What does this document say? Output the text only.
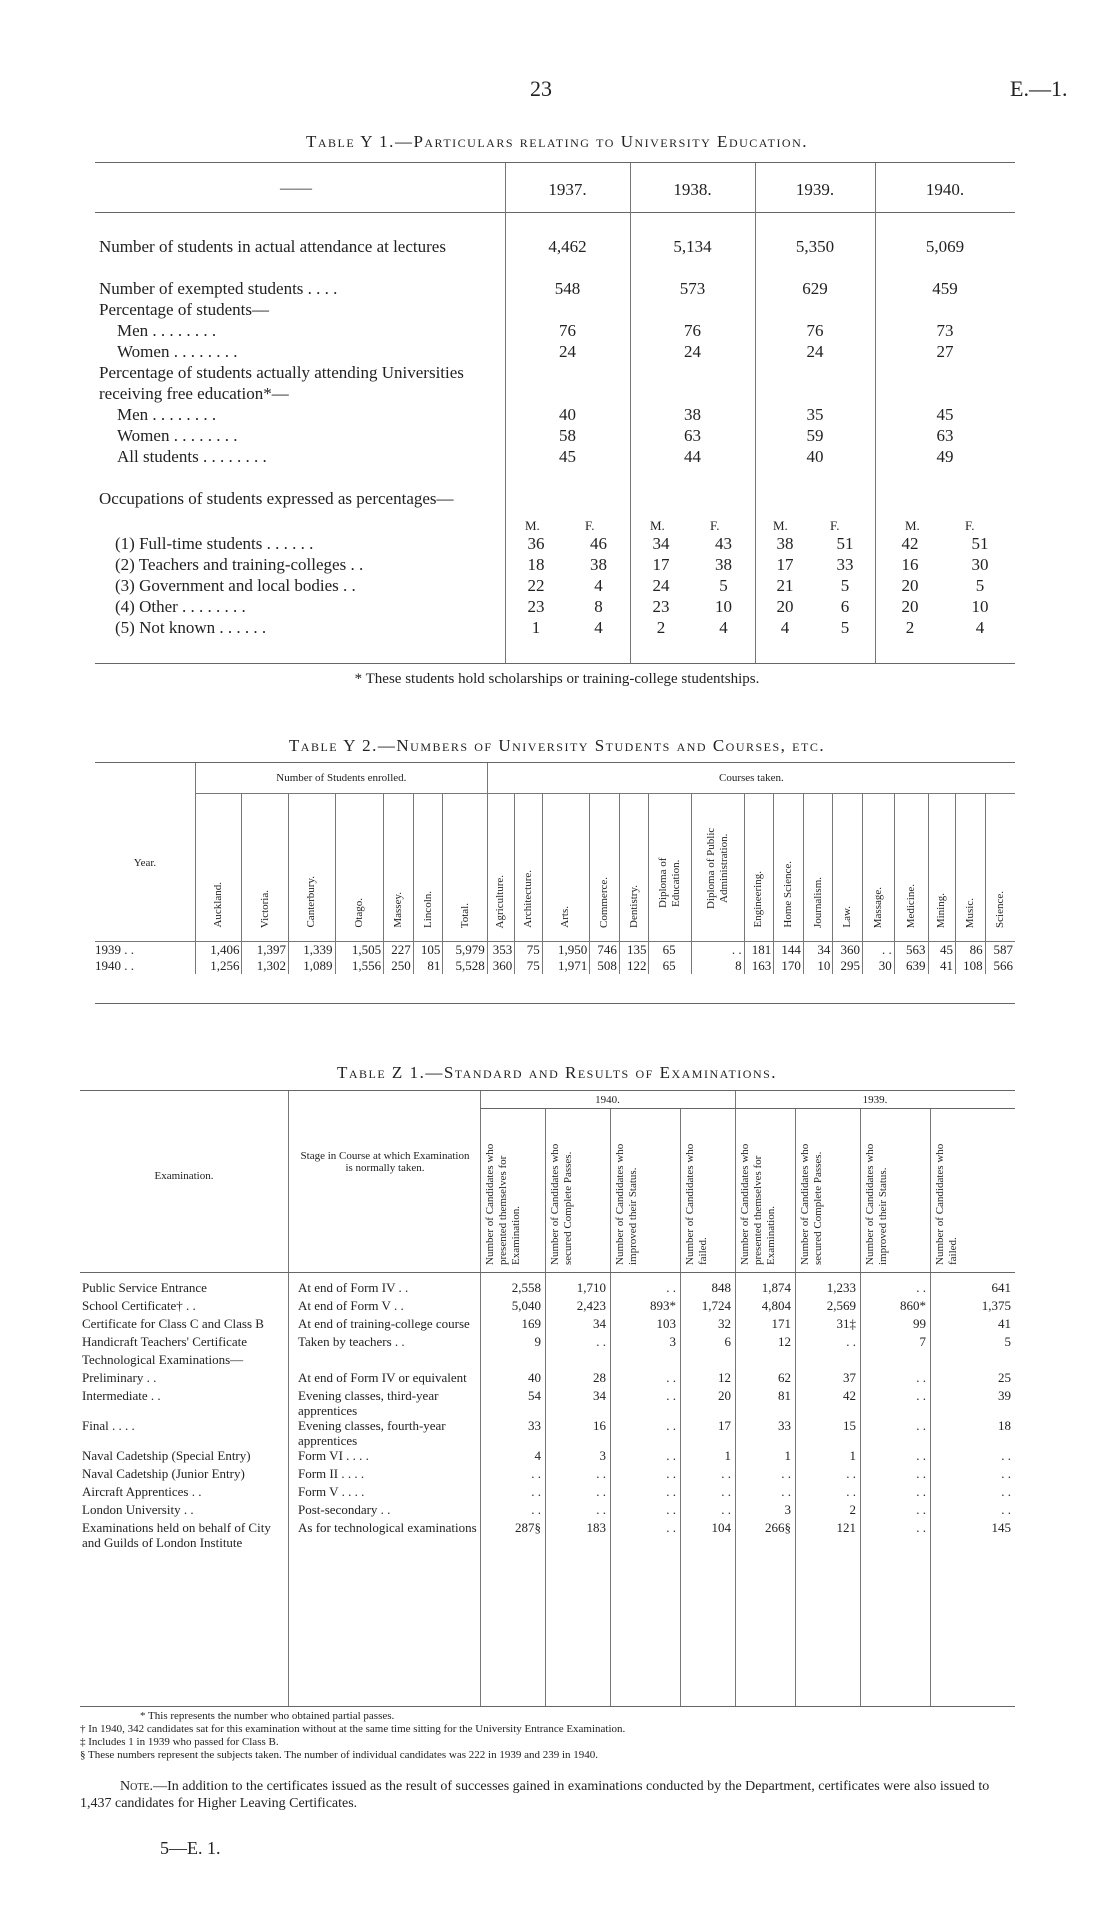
23	E.—1.
Table Y 1.—Particulars relating to University Education.
——	1937.	1938.	1939.	1940.
Number of students in actual attendance at lectures	4,462	5,134	5,350	5,069
Number of exempted students . . . .	548	573	629	459
Percentage of students—				
Men . . . . . . . .	76	76	76	73
Women . . . . . . . .	24	24	24	27
Percentage of students actually attending Universities receiving free education*—				
Men . . . . . . . .	40	38	35	45
Women . . . . . . . .	58	63	59	63
All students . . . . . . . .	45	44	40	49
Occupations of students expressed as percentages—
M.	F.	M.	F.	M.	F.	M.	F.
(1) Full-time students . . . . . .	36	46	34	43	38	51	42	51
(2) Teachers and training-colleges . .	18	38	17	38	17	33	16	30
(3) Government and local bodies . .	22	4	24	5	21	5	20	5
(4) Other . . . . . . . .	23	8	23	10	20	6	20	10
(5) Not known . . . . . .	1	4	2	4	4	5	2	4
* These students hold scholarships or training-college studentships.
Table Y 2.—Numbers of University Students and Courses, etc.
	Number of Students enrolled.							Courses taken.															
Year.	Auckland.	Victoria.	Canterbury.	Otago.	Massey.	Lincoln.	Total.	Agriculture.	Architecture.	Arts.	Commerce.	Dentistry.	Diploma of Education.	Diploma of Public Administration.	Engineering.	Home Science.	Journalism.	Law.	Massage.	Medicine.	Mining.	Music.	Science.

1939 . .	1,406	1,397	1,339	1,505	227	105	5,979	353	75	1,950	746	135	65	. .	181	144	34	360	. .	563	45	86	587
1940 . .	1,256	1,302	1,089	1,556	250	81	5,528	360	75	1,971	508	122	65	8	163	170	10	295	30	639	41	108	566
Table Z 1.—Standard and Results of Examinations.
1940.	1939.
Examination.
Stage in Course at which Examination is normally taken.	Number of Candidates who presented themselves for Examination.	Number of Candidates who secured Complete Passes.	Number of Candidates who improved their Status.	Number of Candidates who failed.	Number of Candidates who presented themselves for Examination.	Number of Candidates who secured Complete Passes.	Number of Candidates who improved their Status.	Number of Candidates who failed.
Public Service Entrance	At end of Form IV . .	2,558	1,710	. .	848	1,874	1,233	. .	641
School Certificate† . .	At end of Form V . .	5,040	2,423	893*	1,724	4,804	2,569	860*	1,375
Certificate for Class C and Class B	At end of training-college course	169	34	103	32	171	31‡	99	41
Handicraft Teachers' Certificate	Taken by teachers . .	9	. .	3	6	12	. .	7	5
Technological Examinations—									
Preliminary . .	At end of Form IV or equivalent	40	28	. .	12	62	37	. .	25
Intermediate . .	Evening classes, third-year apprentices	54	34	. .	20	81	42	. .	39
Final . . . .	Evening classes, fourth-year apprentices	33	16	. .	17	33	15	. .	18
Naval Cadetship (Special Entry)	Form VI . . . .	4	3	. .	1	1	1	. .	. .
Naval Cadetship (Junior Entry)	Form II . . . .	. .	. .	. .	. .	. .	. .	. .	. .
Aircraft Apprentices . .	Form V . . . .	. .	. .	. .	. .	. .	. .	. .	. .
London University . .	Post-secondary . .	. .	. .	. .	. .	3	2	. .	. .
Examinations held on behalf of City and Guilds of London Institute	As for technological examinations	287§	183	. .	104	266§	121	. .	145
* This represents the number who obtained partial passes.
† In 1940, 342 candidates sat for this examination without at the same time sitting for the University Entrance Examination.
‡ Includes 1 in 1939 who passed for Class B.
§ These numbers represent the subjects taken. The number of individual candidates was 222 in 1939 and 239 in 1940.
Note.—In addition to the certificates issued as the result of successes gained in examinations conducted by the Department, certificates were also issued to 1,437 candidates for Higher Leaving Certificates.
5—E. 1.
